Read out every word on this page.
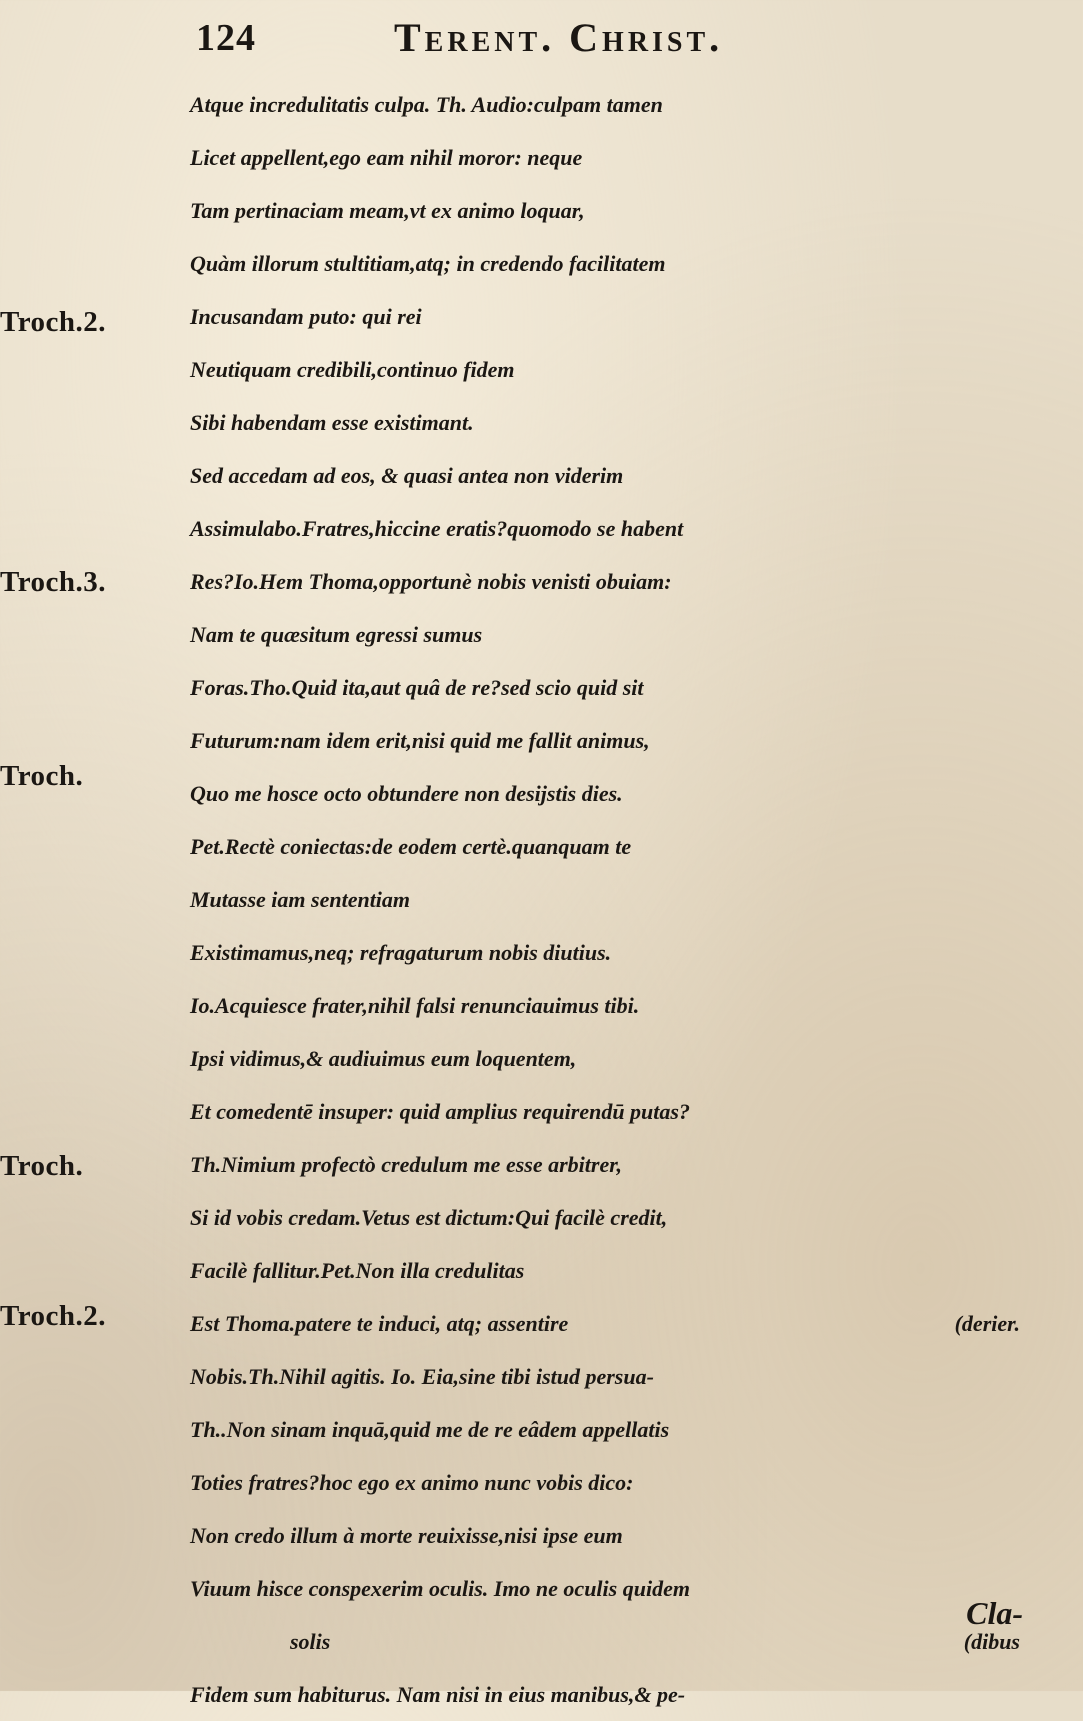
124	Terent. Christ.
Troch.2.
Troch.3.
Troch.
Troch.
Troch.2.
Atque incredulitatis culpa. Th. Audio:culpam tamen
Licet appellent,ego eam nihil moror: neque
Tam pertinaciam meam,vt ex animo loquar,
Quàm illorum stultitiam,atq; in credendo facilitatem
Incusandam puto: qui rei
Neutiquam credibili,continuo fidem
Sibi habendam esse existimant.
Sed accedam ad eos, & quasi antea non viderim
Assimulabo.Fratres,hiccine eratis?quomodo se habent
Res?Io.Hem Thoma,opportunè nobis venisti obuiam:
Nam te quæsitum egressi sumus
Foras.Tho.Quid ita,aut quâ de re?sed scio quid sit
Futurum:nam idem erit,nisi quid me fallit animus,
Quo me hosce octo obtundere non desijstis dies.
Pet.Rectè coniectas:de eodem certè.quanquam te
Mutasse iam sententiam
Existimamus,neq; refragaturum nobis diutius.
Io.Acquiesce frater,nihil falsi renunciauimus tibi.
Ipsi vidimus,& audiuimus eum loquentem,
Et comedentē insuper: quid amplius requirendū putas?
Th.Nimium profectò credulum me esse arbitrer,
Si id vobis credam.Vetus est dictum:Qui facilè credit,
Facilè fallitur.Pet.Non illa credulitas
Est Thoma.patere te induci, atq; assentire	(derier.
Nobis.Th.Nihil agitis. Io. Eia,sine tibi istud persua-
Th..Non sinam inquā,quid me de re eâdem appellatis
Toties fratres?hoc ego ex animo nunc vobis dico:
Non credo illum à morte reuixisse,nisi ipse eum
Viuum hisce conspexerim oculis. Imo ne oculis quidem
solis	(dibus
Fidem sum habiturus. Nam nisi in eius manibus,& pe-
Cla-
